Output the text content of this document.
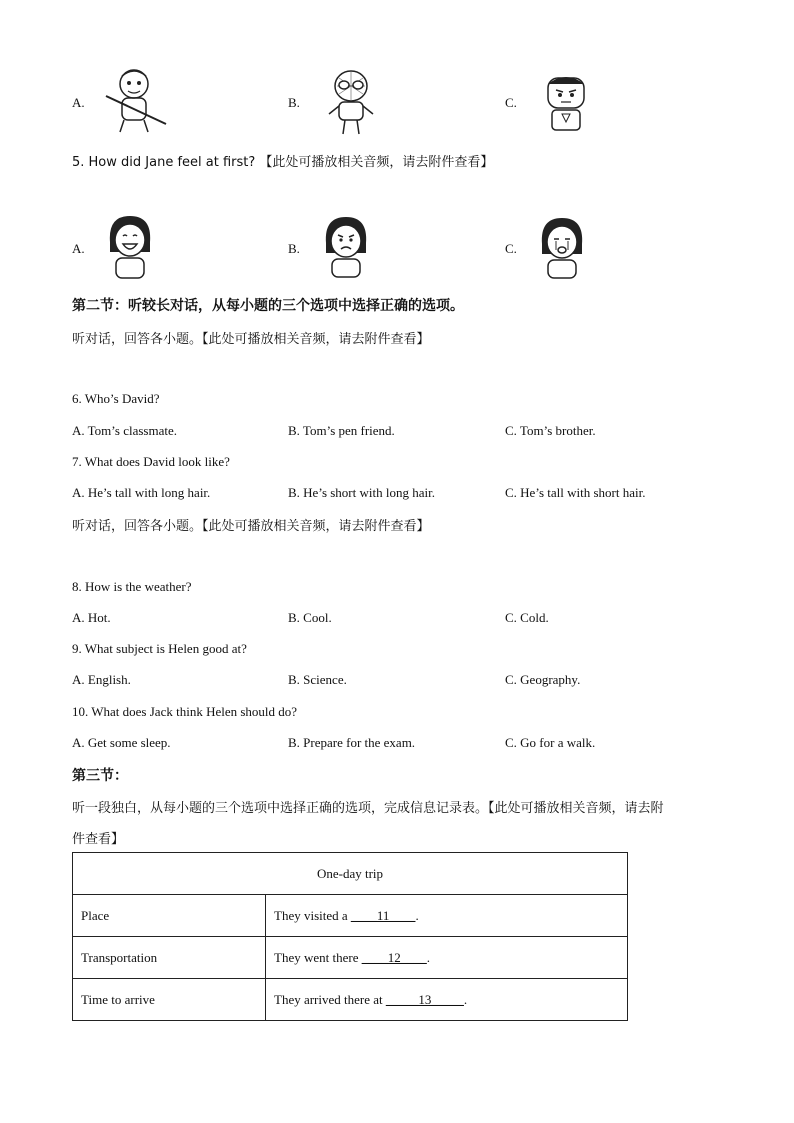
A.	B.	C.
5. How did Jane feel at first? 【此处可播放相关音频，请去附件查看】
A.	B.	C.
第二节：听较长对话，从每小题的三个选项中选择正确的选项。
听对话，回答各小题。【此处可播放相关音频，请去附件查看】
6. Who’s David?
A. Tom’s classmate.	B. Tom’s pen friend.	C. Tom’s brother.
7. What does David look like?
A. He’s tall with long hair.	B. He’s short with long hair.	C. He’s tall with short hair.
听对话，回答各小题。【此处可播放相关音频，请去附件查看】
8. How is the weather?
A. Hot.	B. Cool.	C. Cold.
9. What subject is Helen good at?
A. English.	B. Science.	C. Geography.
10. What does Jack think Helen should do?
A. Get some sleep.	B. Prepare for the exam.	C. Go for a walk.
第三节：
听一段独白，从每小题的三个选项中选择正确的选项，完成信息记录表。【此处可播放相关音频，请去附
件查看】
One-day trip	
Place	They visited a ____11____.
Transportation	They went there ____12____.
Time to arrive	They arrived there at _____13_____.
